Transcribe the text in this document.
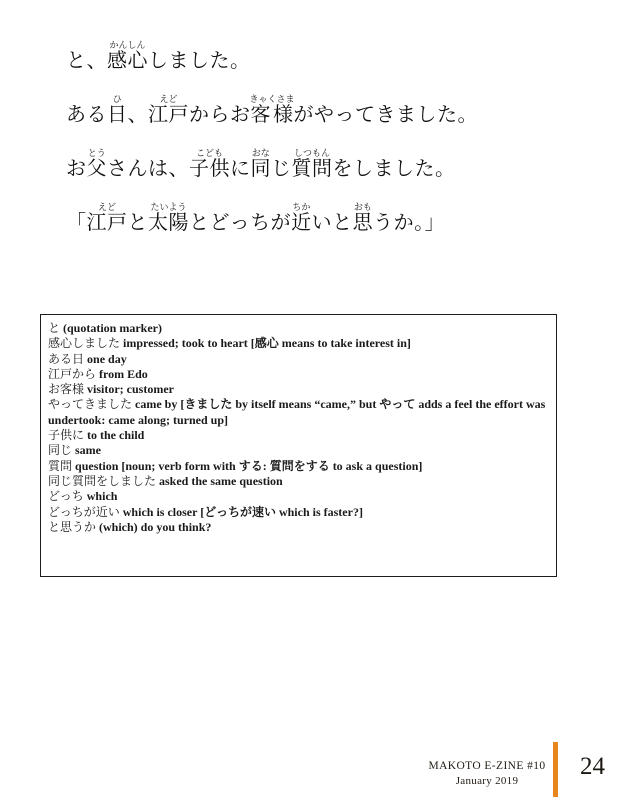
と、感心かんしんしました。
ある日ひ、江戸えどからお客様きゃくさまがやってきました。
お父とうさんは、子供こどもに同おなじ質問しつもんをしました。
「江戸えどと太陽たいようとどっちが近ちかいと思おもうか。」
と (quotation marker)
感心しました impressed; took to heart [感心 means to take interest in]
ある日 one day
江戸から from Edo
お客様 visitor; customer
やってきました came by [きました by itself means “came,” but やって adds a feel the effort was undertook: came along; turned up]
子供に to the child
同じ same
質問 question [noun; verb form with する: 質問をする to ask a question]
同じ質問をしました asked the same question
どっち which
どっちが近い which is closer [どっちが速い which is faster?]
と思うか (which) do you think?
MAKOTO E-ZINE #10
January 2019
24
